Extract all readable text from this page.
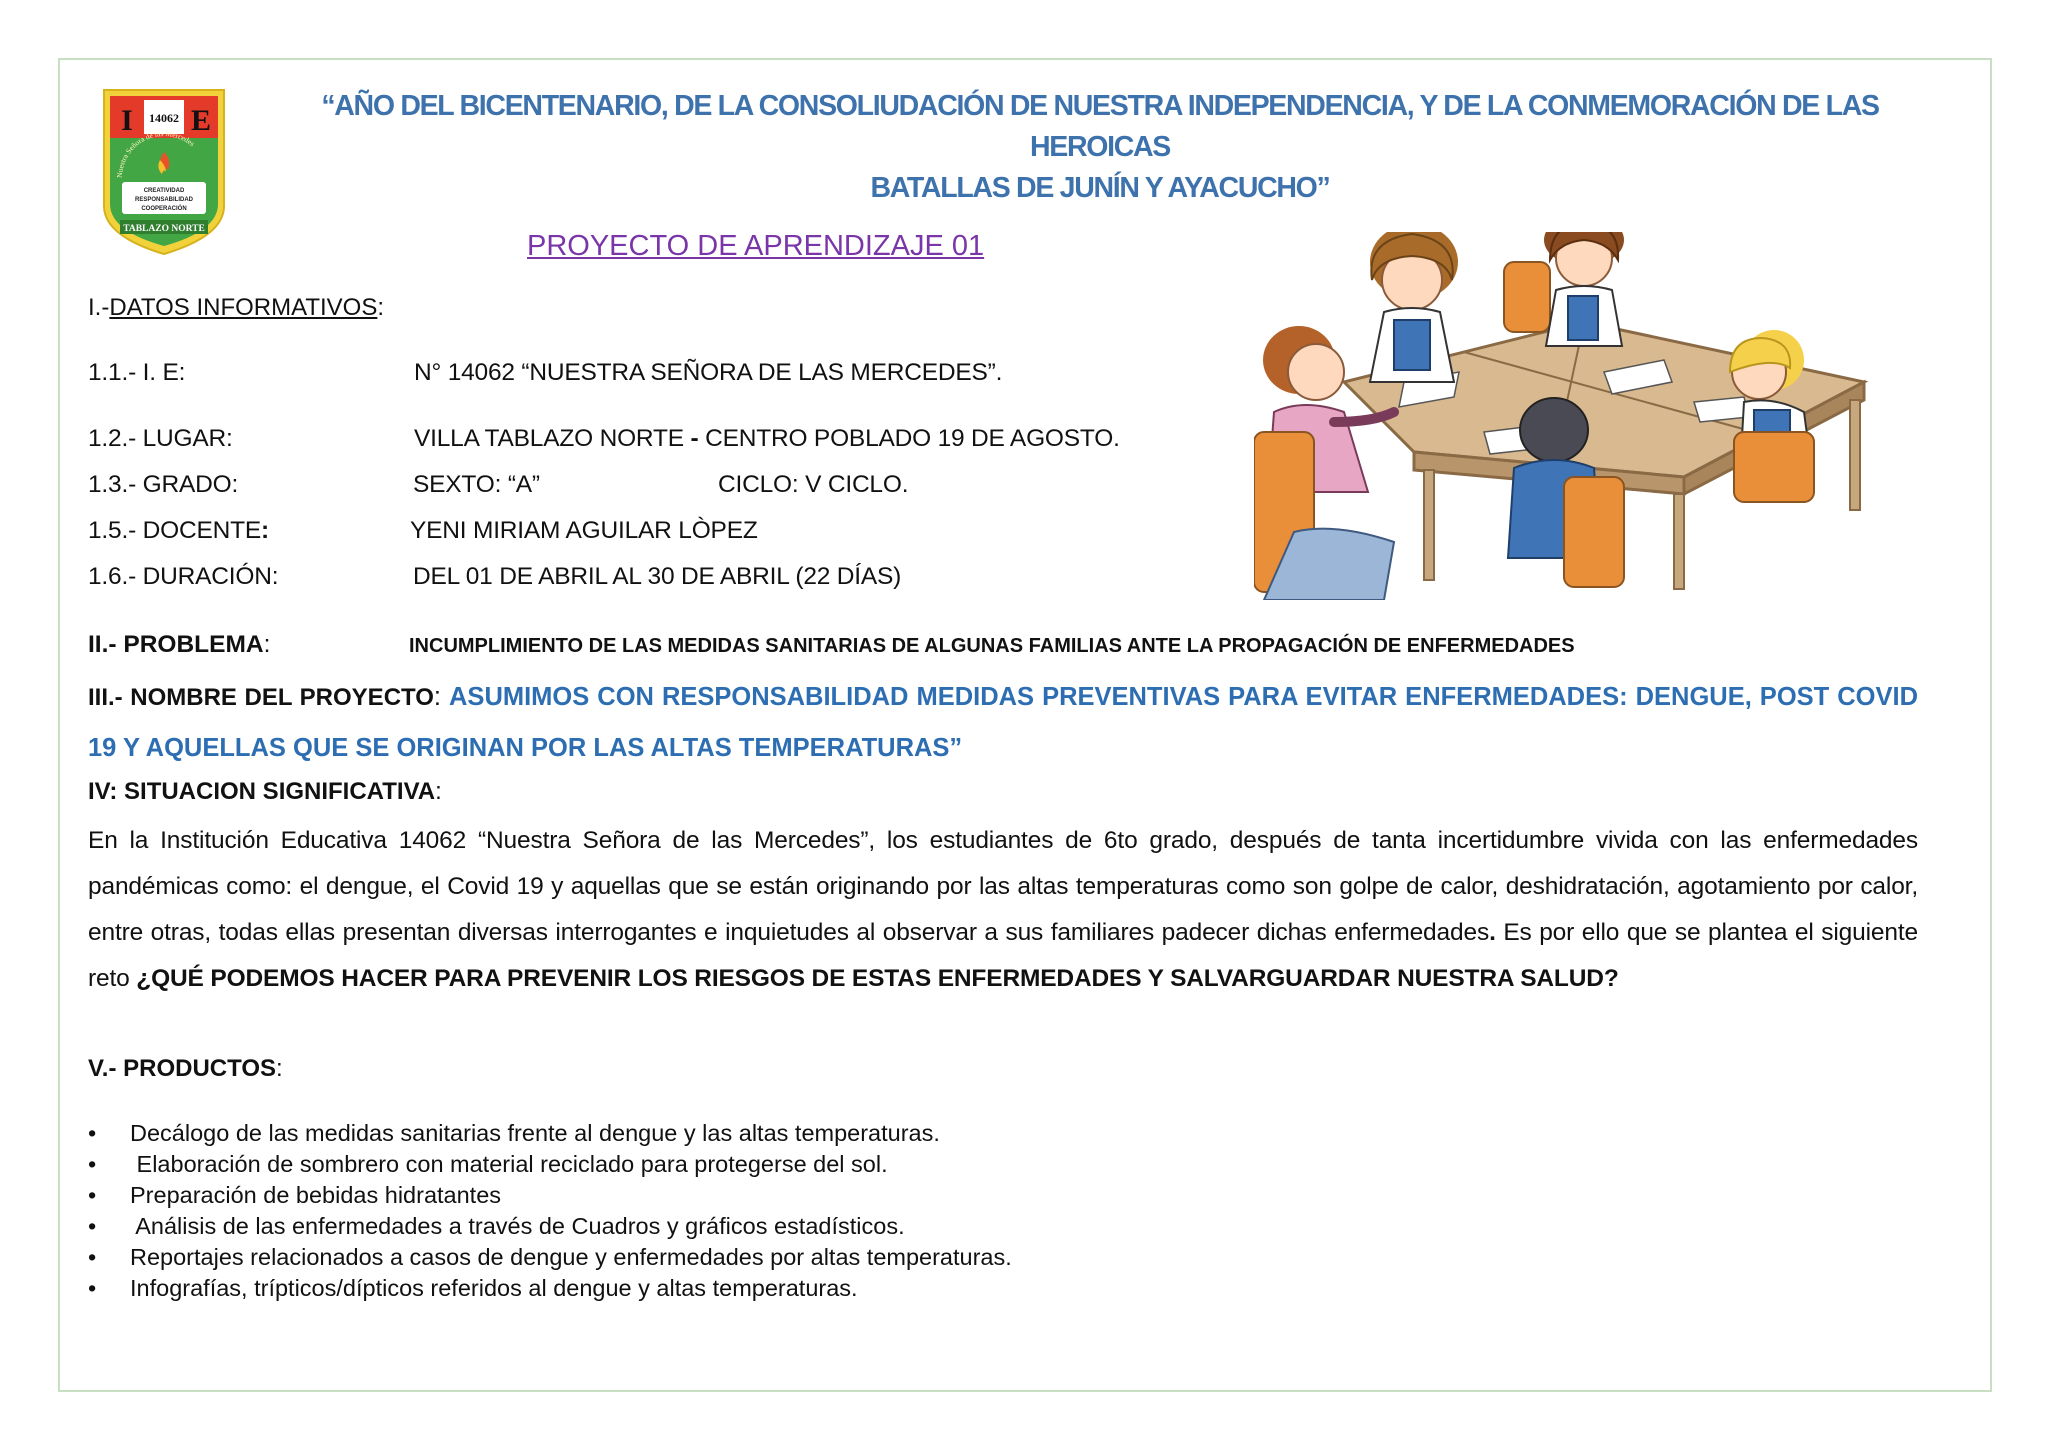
I E
14062
Nuestra Señora de las Mercedes
CREATIVIDAD
RESPONSABILIDAD
COOPERACIÓN
TABLAZO NORTE
“AÑO DEL BICENTENARIO, DE LA CONSOLIUDACIÓN DE NUESTRA INDEPENDENCIA, Y DE LA CONMEMORACIÓN DE LAS HEROICAS
BATALLAS DE JUNÍN Y AYACUCHO”
PROYECTO DE APRENDIZAJE 01
I.-DATOS INFORMATIVOS:
1.1.- I. E:	N° 14062 “NUESTRA SEÑORA DE LAS MERCEDES”.
1.2.- LUGAR:	VILLA TABLAZO NORTE - CENTRO POBLADO 19 DE AGOSTO.
1.3.- GRADO:	SEXTO: “A”	CICLO: V CICLO.
1.5.- DOCENTE:	YENI MIRIAM AGUILAR LÒPEZ
1.6.- DURACIÓN:	DEL 01 DE ABRIL AL 30 DE ABRIL (22 DÍAS)
II.- PROBLEMA:	INCUMPLIMIENTO DE LAS MEDIDAS SANITARIAS DE ALGUNAS FAMILIAS ANTE LA PROPAGACIÓN DE ENFERMEDADES
III.- NOMBRE DEL PROYECTO: ASUMIMOS CON RESPONSABILIDAD MEDIDAS PREVENTIVAS PARA EVITAR ENFERMEDADES: DENGUE, POST COVID 19 Y AQUELLAS QUE SE ORIGINAN POR LAS ALTAS TEMPERATURAS”
IV: SITUACION SIGNIFICATIVA:
En la Institución Educativa 14062 “Nuestra Señora de las Mercedes”, los estudiantes de 6to grado, después de tanta incertidumbre vivida con las enfermedades pandémicas como: el dengue, el Covid 19 y aquellas que se están originando por las altas temperaturas como son golpe de calor, deshidratación, agotamiento por calor, entre otras, todas ellas presentan diversas interrogantes e inquietudes al observar a sus familiares padecer dichas enfermedades. Es por ello que se plantea el siguiente reto ¿QUÉ PODEMOS HACER PARA PREVENIR LOS RIESGOS DE ESTAS ENFERMEDADES Y SALVARGUARDAR NUESTRA SALUD?
V.- PRODUCTOS:
• Decálogo de las medidas sanitarias frente al dengue y las altas temperaturas.
• Elaboración de sombrero con material reciclado para protegerse del sol.
• Preparación de bebidas hidratantes
• Análisis de las enfermedades a través de Cuadros y gráficos estadísticos.
• Reportajes relacionados a casos de dengue y enfermedades por altas temperaturas.
• Infografías, trípticos/dípticos referidos al dengue y altas temperaturas.
